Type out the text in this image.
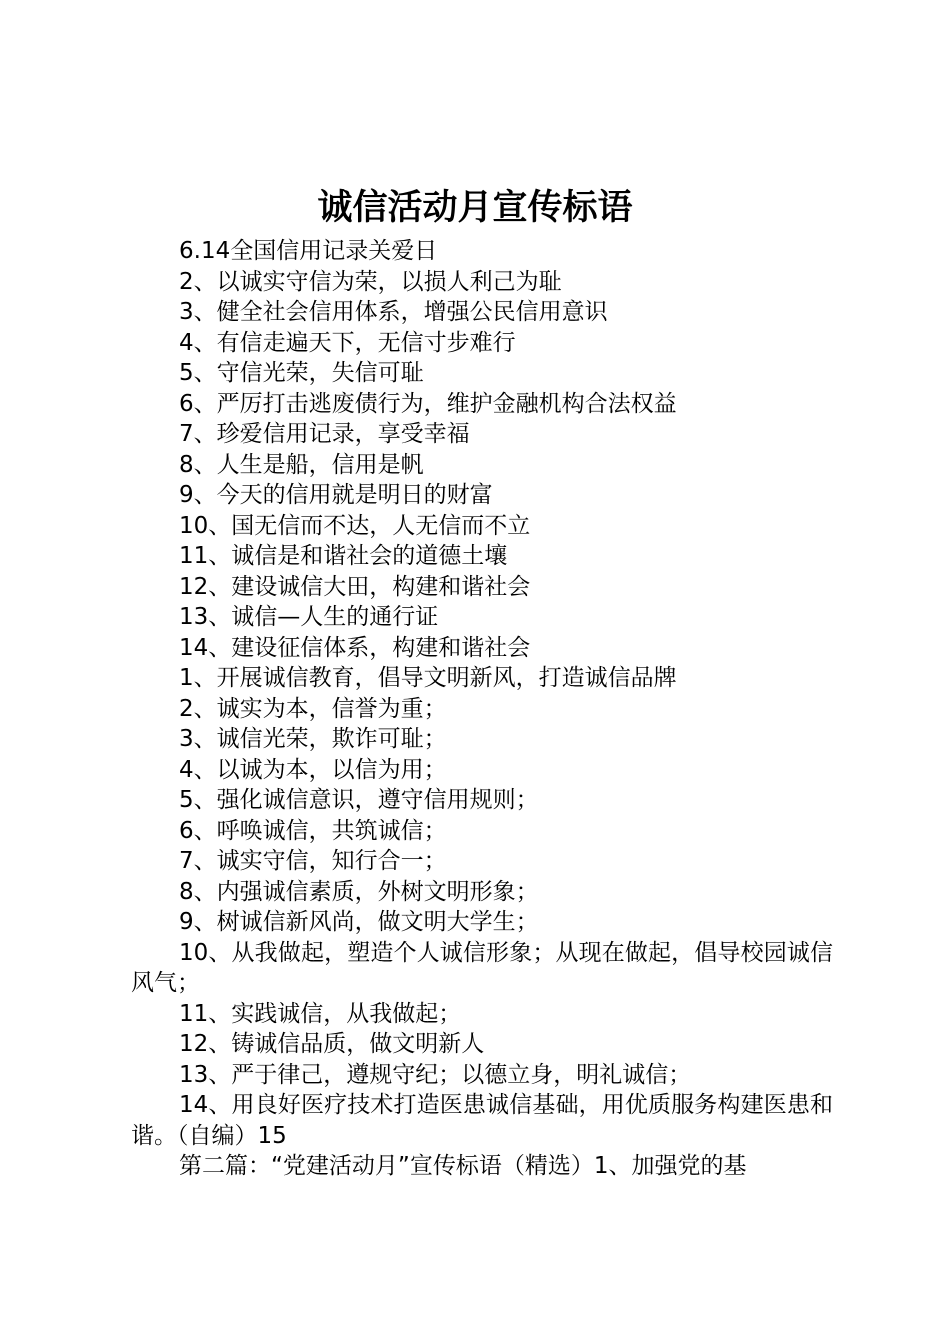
诚信活动月宣传标语

6.14全国信用记录关爱日

2、以诚实守信为荣，以损人利己为耻

3、健全社会信用体系，增强公民信用意识

4、有信走遍天下，无信寸步难行

5、守信光荣，失信可耻

6、严厉打击逃废债行为，维护金融机构合法权益

7、珍爱信用记录，享受幸福

8、人生是船，信用是帆

9、今天的信用就是明日的财富

10、国无信而不达，人无信而不立

11、诚信是和谐社会的道德土壤

12、建设诚信大田，构建和谐社会

13、诚信—人生的通行证

14、建设征信体系，构建和谐社会

1、开展诚信教育，倡导文明新风，打造诚信品牌

2、诚实为本，信誉为重；

3、诚信光荣，欺诈可耻；

4、以诚为本，以信为用；

5、强化诚信意识，遵守信用规则；

6、呼唤诚信，共筑诚信；

7、诚实守信，知行合一；

8、内强诚信素质，外树文明形象；

9、树诚信新风尚，做文明大学生；

10、从我做起，塑造个人诚信形象；从现在做起，倡导校园诚信风气；

11、实践诚信，从我做起；

12、铸诚信品质，做文明新人

13、严于律己，遵规守纪；以德立身，明礼诚信；

14、用良好医疗技术打造医患诚信基础，用优质服务构建医患和谐。（自编）15

第二篇：“党建活动月”宣传标语（精选）1、加强党的基
